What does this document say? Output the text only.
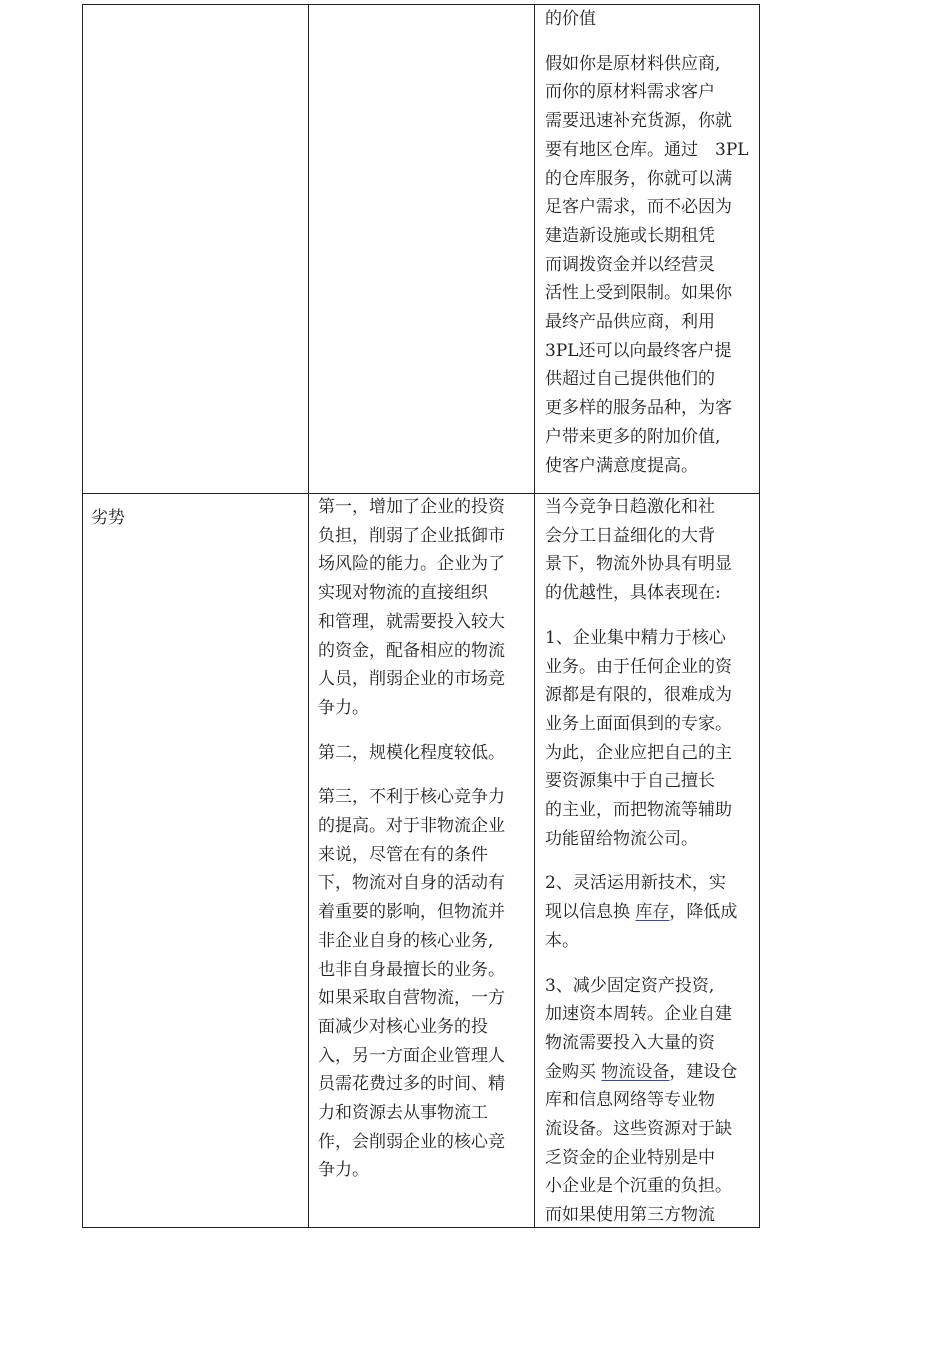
的价值
假如你是原材料供应商,
而你的原材料需求客户
需要迅速补充货源，你就
要有地区仓库。通过　3PL
的仓库服务，你就可以满
足客户需求，而不必因为
建造新设施或长期租凭
而调拨资金并以经营灵
活性上受到限制。如果你
最终产品供应商，利用
3PL还可以向最终客户提
供超过自己提供他们的
更多样的服务品种，为客
户带来更多的附加价值,
使客户满意度提高。
劣势
第一，增加了企业的投资
负担，削弱了企业抵御市
场风险的能力。企业为了
实现对物流的直接组织
和管理，就需要投入较大
的资金，配备相应的物流
人员，削弱企业的市场竞
争力。
第二，规模化程度较低。
第三，不利于核心竞争力
的提高。对于非物流企业
来说，尽管在有的条件
下，物流对自身的活动有
着重要的影响，但物流并
非企业自身的核心业务,
也非自身最擅长的业务。
如果采取自营物流，一方
面减少对核心业务的投
入，另一方面企业管理人
员需花费过多的时间、精
力和资源去从事物流工
作，会削弱企业的核心竞
争力。
当今竞争日趋激化和社
会分工日益细化的大背
景下，物流外协具有明显
的优越性，具体表现在:
1、企业集中精力于核心
业务。由于任何企业的资
源都是有限的，很难成为
业务上面面俱到的专家。
为此，企业应把自己的主
要资源集中于自己擅长
的主业，而把物流等辅助
功能留给物流公司。
2、灵活运用新技术，实
现以信息换 库存，降低成
本。
3、减少固定资产投资,
加速资本周转。企业自建
物流需要投入大量的资
金购买 物流设备，建设仓
库和信息网络等专业物
流设备。这些资源对于缺
乏资金的企业特别是中
小企业是个沉重的负担。
而如果使用第三方物流
